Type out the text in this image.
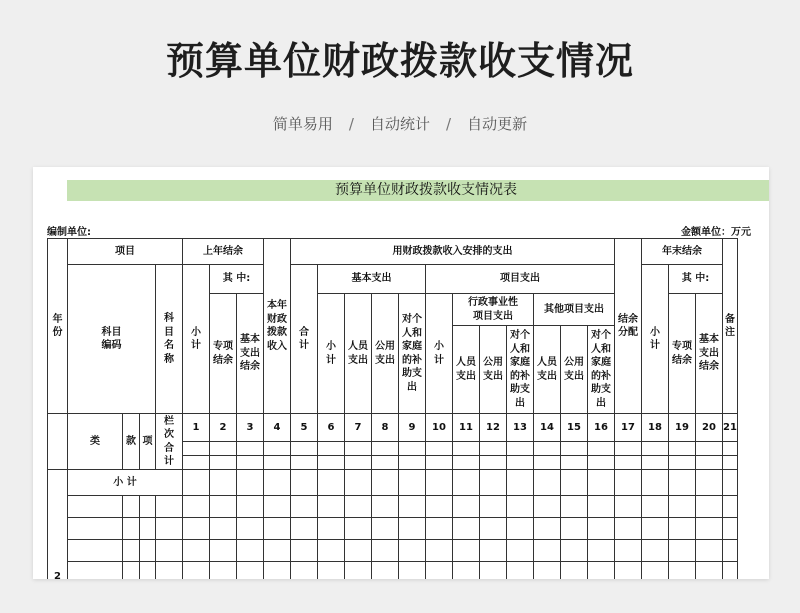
预算单位财政拨款收支情况
简单易用 / 自动统计 / 自动更新
预算单位财政拨款收支情况表
编制单位:	金额单位：万元
年份	项目				上年结余			本年财政拨款收入	用财政拨款收入安排的支出												结余分配	年末结余			备注
	科目编码			科目名称	小计	其 中:			合计	基本支出				项目支出								小计	其 中:		
						专项结余	基本支出结余			小计	人员支出	公用支出	对个人和家庭的补助支出	小计	行政事业性项目支出			其他项目支出					专项结余	基本支出结余	
															人员支出	公用支出	对个人和家庭的补助支出	人员支出	公用支出	对个人和家庭的补助支出					

	类	款	项	栏次合计	1	2	3	4	5	6	7	8	9	10	11	12	13	14	15	16	17	18	19	20	21

2	小 计																								
